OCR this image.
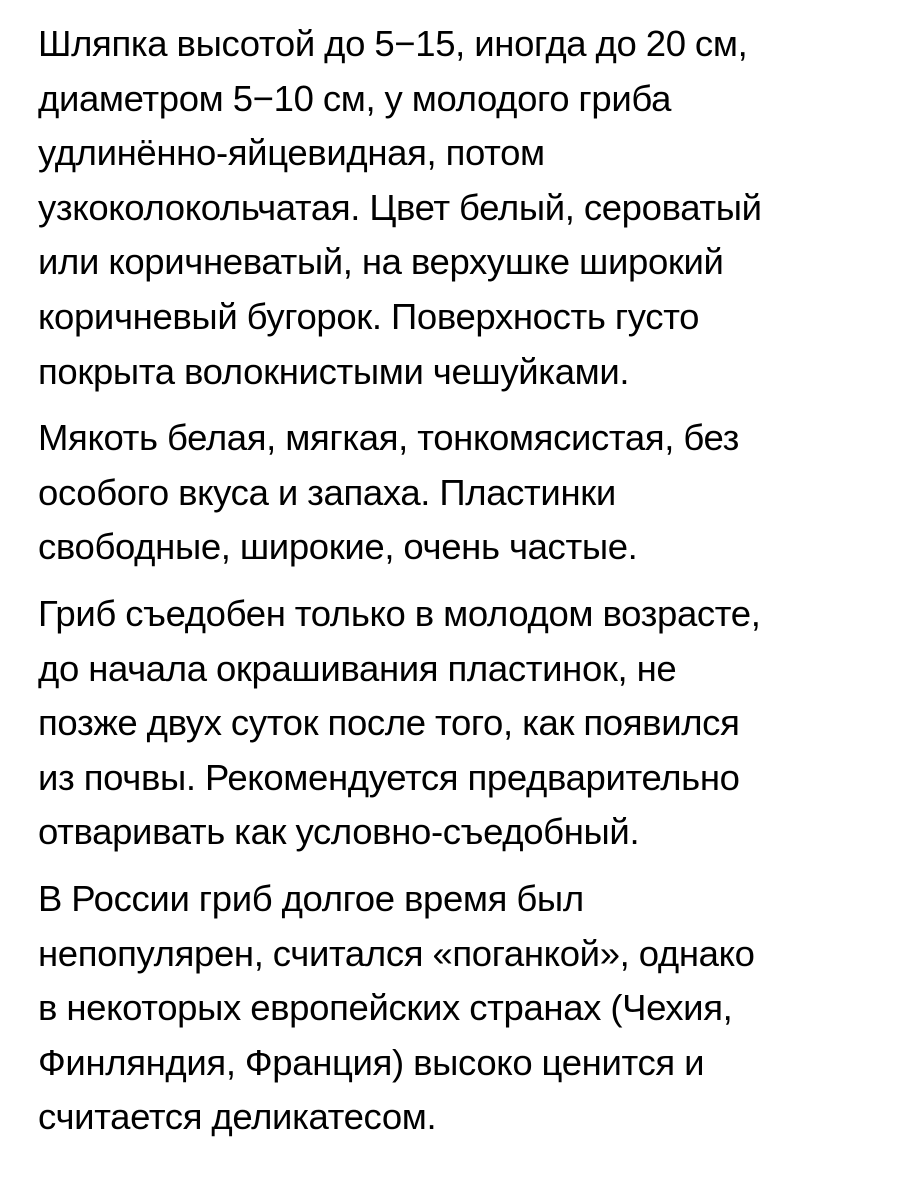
Шляпка высотой до 5−15, иногда до 20 см,
диаметром 5−10 см, у молодого гриба
удлинённо-яйцевидная, потом
узкоколокольчатая. Цвет белый, сероватый
или коричневатый, на верхушке широкий
коричневый бугорок. Поверхность густо
покрыта волокнистыми чешуйками.

Мякоть белая, мягкая, тонкомясистая, без
особого вкуса и запаха. Пластинки
свободные, широкие, очень частые.

Гриб съедобен только в молодом возрасте,
до начала окрашивания пластинок, не
позже двух суток после того, как появился
из почвы. Рекомендуется предварительно
отваривать как условно-съедобный.

В России гриб долгое время был
непопулярен, считался «поганкой», однако
в некоторых европейских странах (Чехия,
Финляндия, Франция) высоко ценится и
считается деликатесом.
